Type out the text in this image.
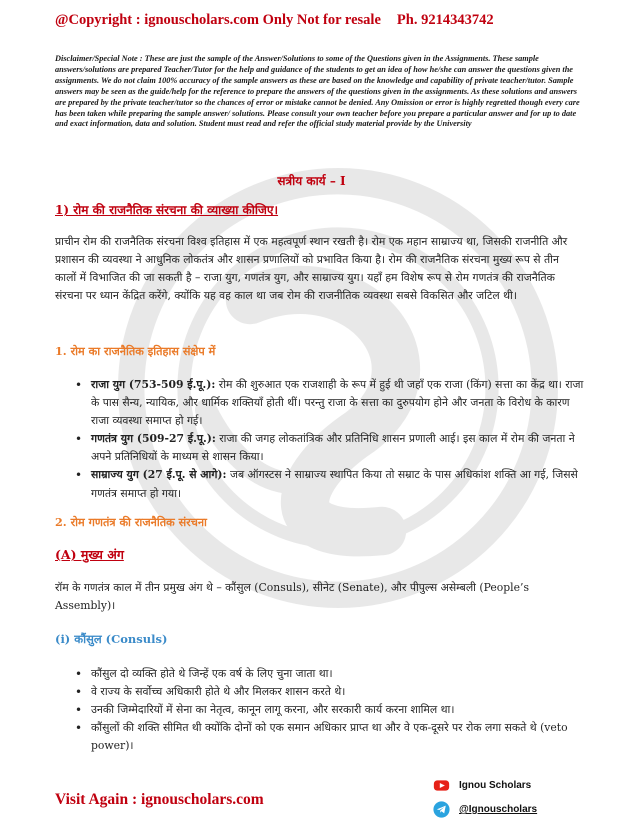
@Copyright : ignouscholars.com Only Not for resale Ph. 9214343742
Disclaimer/Special Note : These are just the sample of the Answer/Solutions to some of the Questions given in the Assignments. These sample answers/solutions are prepared Teacher/Tutor for the help and guidance of the students to get an idea of how he/she can answer the questions given the assignments. We do not claim 100% accuracy of the sample answers as these are based on the knowledge and capability of private teacher/tutor. Sample answers may be seen as the guide/help for the reference to prepare the answers of the questions given in the assignments. As these solutions and answers are prepared by the private teacher/tutor so the chances of error or mistake cannot be denied. Any Omission or error is highly regretted though every care has been taken while preparing the sample answer/ solutions. Please consult your own teacher before you prepare a particular answer and for up to date and exact information, data and solution. Student must read and refer the official study material provide by the University
सत्रीय कार्य – I
1) रोम की राजनैतिक संरचना की व्याख्या कीजिए।
प्राचीन रोम की राजनैतिक संरचना विश्व इतिहास में एक महत्वपूर्ण स्थान रखती है। रोम एक महान साम्राज्य था, जिसकी राजनीति और प्रशासन की व्यवस्था ने आधुनिक लोकतंत्र और शासन प्रणालियों को प्रभावित किया है। रोम की राजनैतिक संरचना मुख्य रूप से तीन कालों में विभाजित की जा सकती है – राजा युग, गणतंत्र युग, और साम्राज्य युग। यहाँ हम विशेष रूप से रोम गणतंत्र की राजनैतिक संरचना पर ध्यान केंद्रित करेंगे, क्योंकि यह वह काल था जब रोम की राजनीतिक व्यवस्था सबसे विकसित और जटिल थी।
1. रोम का राजनैतिक इतिहास संक्षेप में
• राजा युग (753-509 ई.पू.): रोम की शुरुआत एक राजशाही के रूप में हुई थी जहाँ एक राजा (किंग) सत्ता का केंद्र था। राजा के पास सैन्य, न्यायिक, और धार्मिक शक्तियाँ होती थीं। परन्तु राजा के सत्ता का दुरुपयोग होने और जनता के विरोध के कारण राजा व्यवस्था समाप्त हो गई।
• गणतंत्र युग (509-27 ई.पू.): राजा की जगह लोकतांत्रिक और प्रतिनिधि शासन प्रणाली आई। इस काल में रोम की जनता ने अपने प्रतिनिधियों के माध्यम से शासन किया।
• साम्राज्य युग (27 ई.पू. से आगे): जब ऑगस्टस ने साम्राज्य स्थापित किया तो सम्राट के पास अधिकांश शक्ति आ गई, जिससे गणतंत्र समाप्त हो गया।
2. रोम गणतंत्र की राजनैतिक संरचना
(A) मुख्य अंग
रॉम के गणतंत्र काल में तीन प्रमुख अंग थे – कौंसुल (Consuls), सीनेट (Senate), और पीपुल्स असेम्बली (People’s Assembly)।
(i) कौंसुल (Consuls)
• कौंसुल दो व्यक्ति होते थे जिन्हें एक वर्ष के लिए चुना जाता था।
• वे राज्य के सर्वोच्च अधिकारी होते थे और मिलकर शासन करते थे।
• उनकी जिम्मेदारियों में सेना का नेतृत्व, कानून लागू करना, और सरकारी कार्य करना शामिल था।
• कौंसुलों की शक्ति सीमित थी क्योंकि दोनों को एक समान अधिकार प्राप्त था और वे एक-दूसरे पर रोक लगा सकते थे (veto power)।
Visit Again : ignouscholars.com
Ignou Scholars
@Ignouscholars
